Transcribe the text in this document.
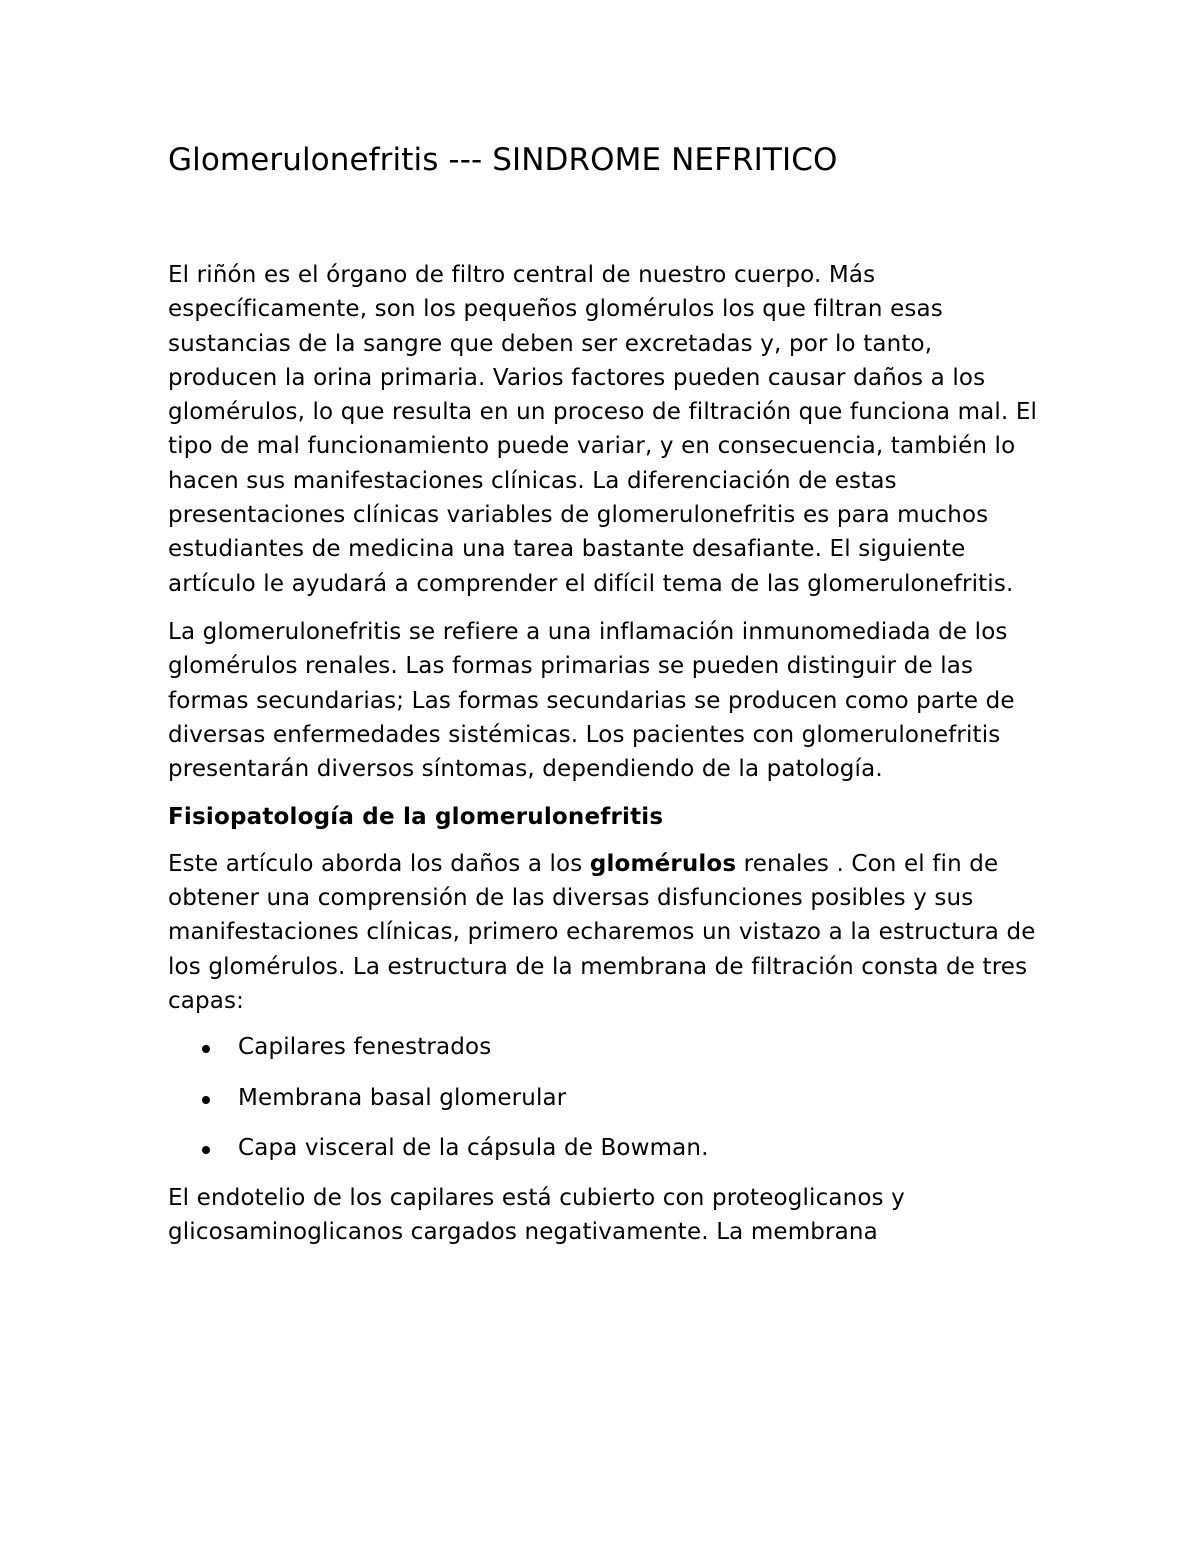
Glomerulonefritis --- SINDROME NEFRITICO

El riñón es el órgano de filtro central de nuestro cuerpo. Más específicamente, son los pequeños glomérulos los que filtran esas sustancias de la sangre que deben ser excretadas y, por lo tanto, producen la orina primaria. Varios factores pueden causar daños a los glomérulos, lo que resulta en un proceso de filtración que funciona mal. El tipo de mal funcionamiento puede variar, y en consecuencia, también lo hacen sus manifestaciones clínicas. La diferenciación de estas presentaciones clínicas variables de glomerulonefritis es para muchos estudiantes de medicina una tarea bastante desafiante. El siguiente artículo le ayudará a comprender el difícil tema de las glomerulonefritis.

La glomerulonefritis se refiere a una inflamación inmunomediada de los glomérulos renales. Las formas primarias se pueden distinguir de las formas secundarias; Las formas secundarias se producen como parte de diversas enfermedades sistémicas. Los pacientes con glomerulonefritis presentarán diversos síntomas, dependiendo de la patología.

Fisiopatología de la glomerulonefritis

Este artículo aborda los daños a los glomérulos renales . Con el fin de obtener una comprensión de las diversas disfunciones posibles y sus manifestaciones clínicas, primero echaremos un vistazo a la estructura de los glomérulos. La estructura de la membrana de filtración consta de tres capas:

Capilares fenestrados
Membrana basal glomerular
Capa visceral de la cápsula de Bowman.

El endotelio de los capilares está cubierto con proteoglicanos y glicosaminoglicanos cargados negativamente. La membrana
